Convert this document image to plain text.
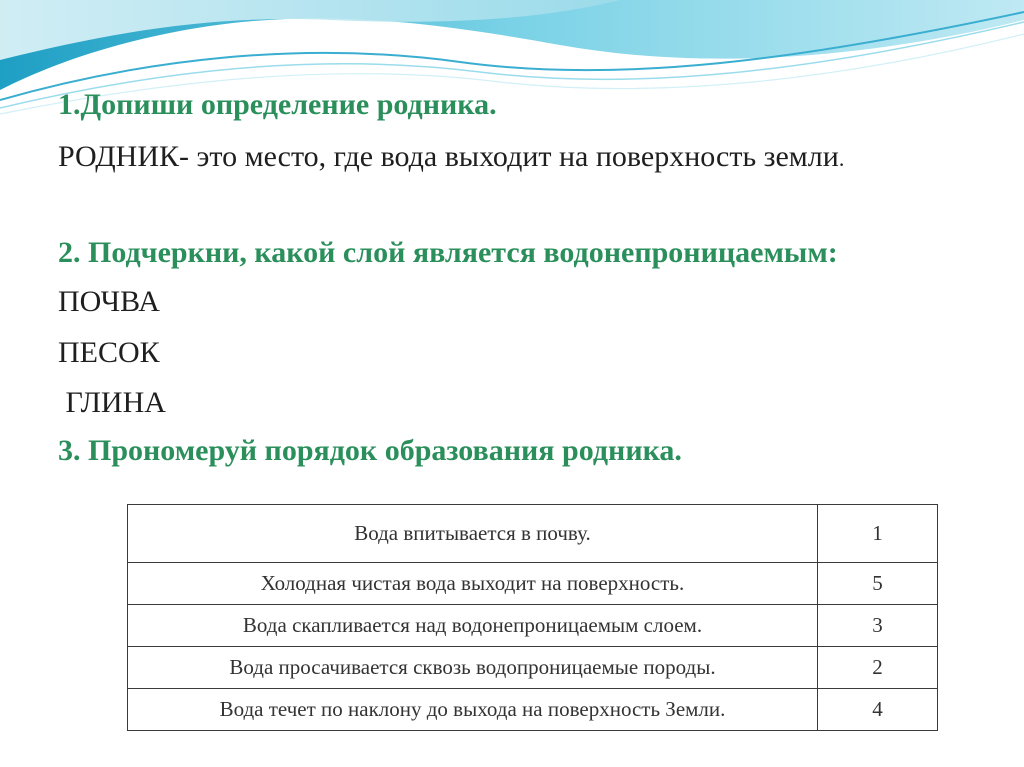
1.Допиши определение родника.
РОДНИК- это место, где вода выходит на поверхность земли.
2. Подчеркни, какой слой является водонепроницаемым:
ПОЧВА
ПЕСОК
ГЛИНА
3. Прономеруй порядок образования родника.
Вода впитывается в почву.	1
Холодная чистая вода выходит на поверхность.	5
Вода скапливается над водонепроницаемым слоем.	3
Вода просачивается сквозь водопроницаемые породы.	2
Вода течет по наклону до выхода на поверхность Земли.	4
